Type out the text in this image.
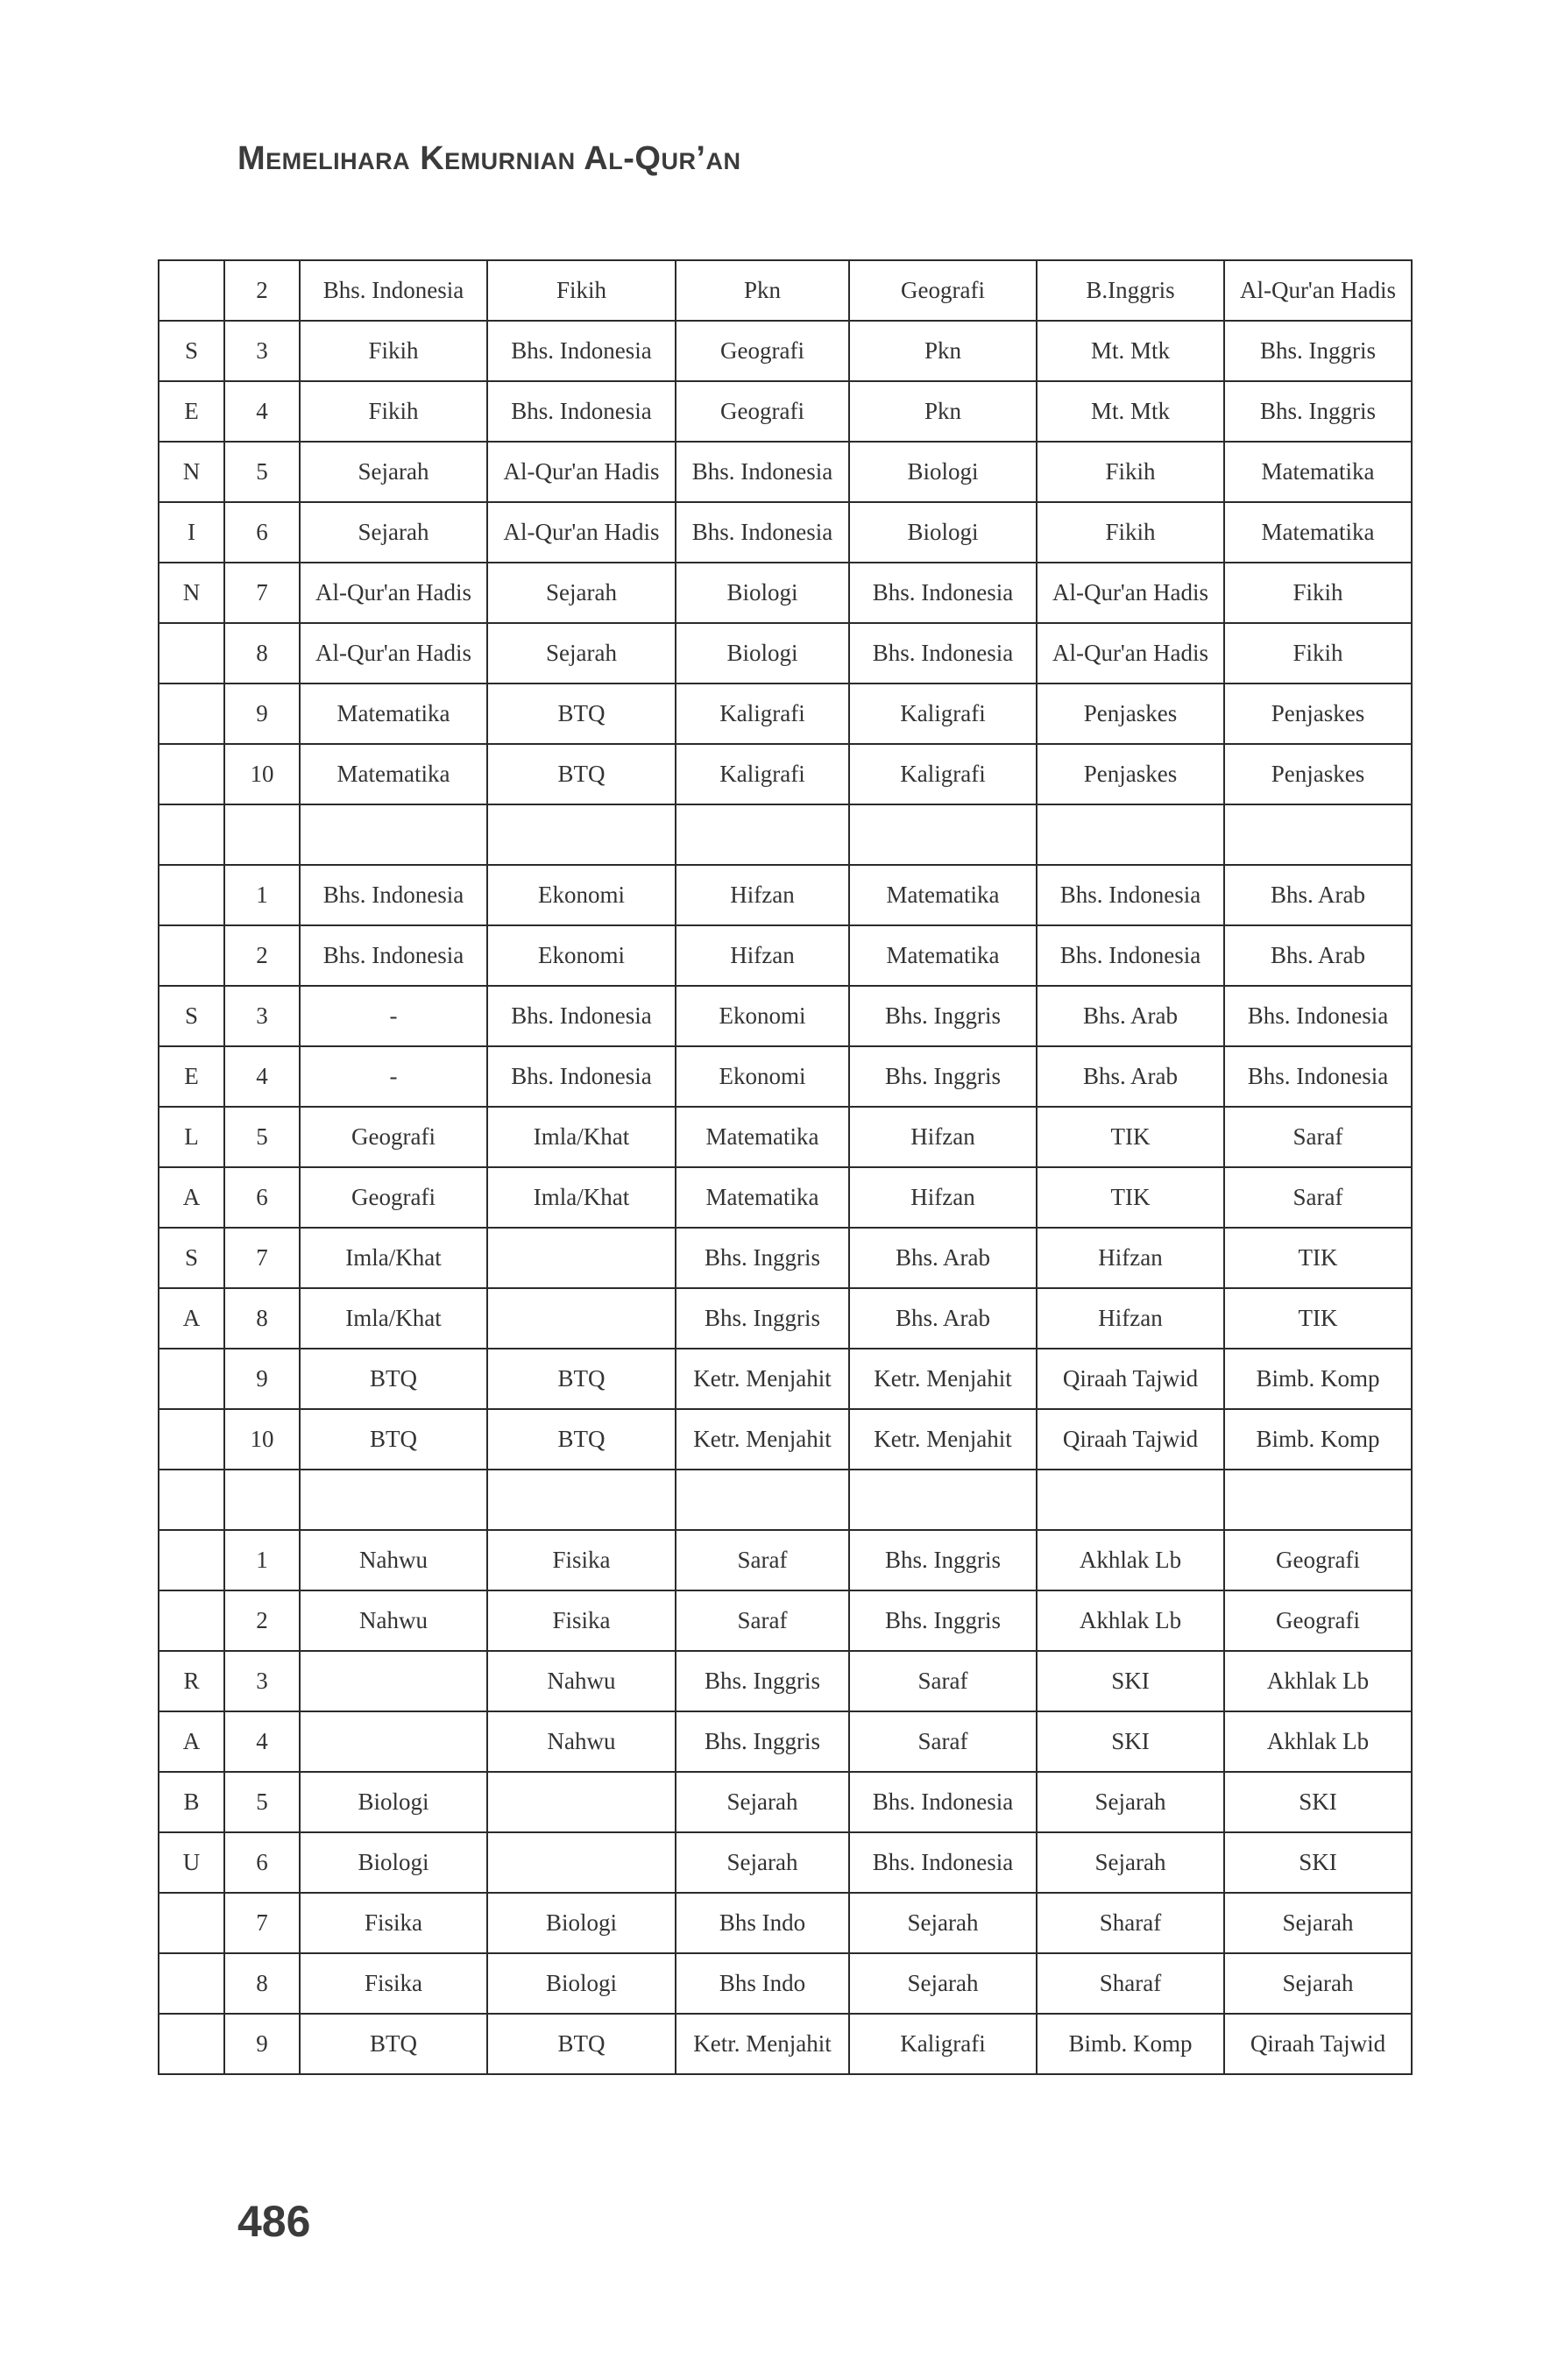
Memelihara Kemurnian Al-Qur’an
	2	Bhs. Indonesia	Fikih	Pkn	Geografi	B.Inggris	Al-Qur'an Hadis
S	3	Fikih	Bhs. Indonesia	Geografi	Pkn	Mt. Mtk	Bhs. Inggris
E	4	Fikih	Bhs. Indonesia	Geografi	Pkn	Mt. Mtk	Bhs. Inggris
N	5	Sejarah	Al-Qur'an Hadis	Bhs. Indonesia	Biologi	Fikih	Matematika
I	6	Sejarah	Al-Qur'an Hadis	Bhs. Indonesia	Biologi	Fikih	Matematika
N	7	Al-Qur'an Hadis	Sejarah	Biologi	Bhs. Indonesia	Al-Qur'an Hadis	Fikih
	8	Al-Qur'an Hadis	Sejarah	Biologi	Bhs. Indonesia	Al-Qur'an Hadis	Fikih
	9	Matematika	BTQ	Kaligrafi	Kaligrafi	Penjaskes	Penjaskes
	10	Matematika	BTQ	Kaligrafi	Kaligrafi	Penjaskes	Penjaskes

	1	Bhs. Indonesia	Ekonomi	Hifzan	Matematika	Bhs. Indonesia	Bhs. Arab
	2	Bhs. Indonesia	Ekonomi	Hifzan	Matematika	Bhs. Indonesia	Bhs. Arab
S	3	-	Bhs. Indonesia	Ekonomi	Bhs. Inggris	Bhs. Arab	Bhs. Indonesia
E	4	-	Bhs. Indonesia	Ekonomi	Bhs. Inggris	Bhs. Arab	Bhs. Indonesia
L	5	Geografi	Imla/Khat	Matematika	Hifzan	TIK	Saraf
A	6	Geografi	Imla/Khat	Matematika	Hifzan	TIK	Saraf
S	7	Imla/Khat		Bhs. Inggris	Bhs. Arab	Hifzan	TIK
A	8	Imla/Khat		Bhs. Inggris	Bhs. Arab	Hifzan	TIK
	9	BTQ	BTQ	Ketr. Menjahit	Ketr. Menjahit	Qiraah Tajwid	Bimb. Komp
	10	BTQ	BTQ	Ketr. Menjahit	Ketr. Menjahit	Qiraah Tajwid	Bimb. Komp

	1	Nahwu	Fisika	Saraf	Bhs. Inggris	Akhlak Lb	Geografi
	2	Nahwu	Fisika	Saraf	Bhs. Inggris	Akhlak Lb	Geografi
R	3		Nahwu	Bhs. Inggris	Saraf	SKI	Akhlak Lb
A	4		Nahwu	Bhs. Inggris	Saraf	SKI	Akhlak Lb
B	5	Biologi		Sejarah	Bhs. Indonesia	Sejarah	SKI
U	6	Biologi		Sejarah	Bhs. Indonesia	Sejarah	SKI
	7	Fisika	Biologi	Bhs Indo	Sejarah	Sharaf	Sejarah
	8	Fisika	Biologi	Bhs Indo	Sejarah	Sharaf	Sejarah
	9	BTQ	BTQ	Ketr. Menjahit	Kaligrafi	Bimb. Komp	Qiraah Tajwid
486
